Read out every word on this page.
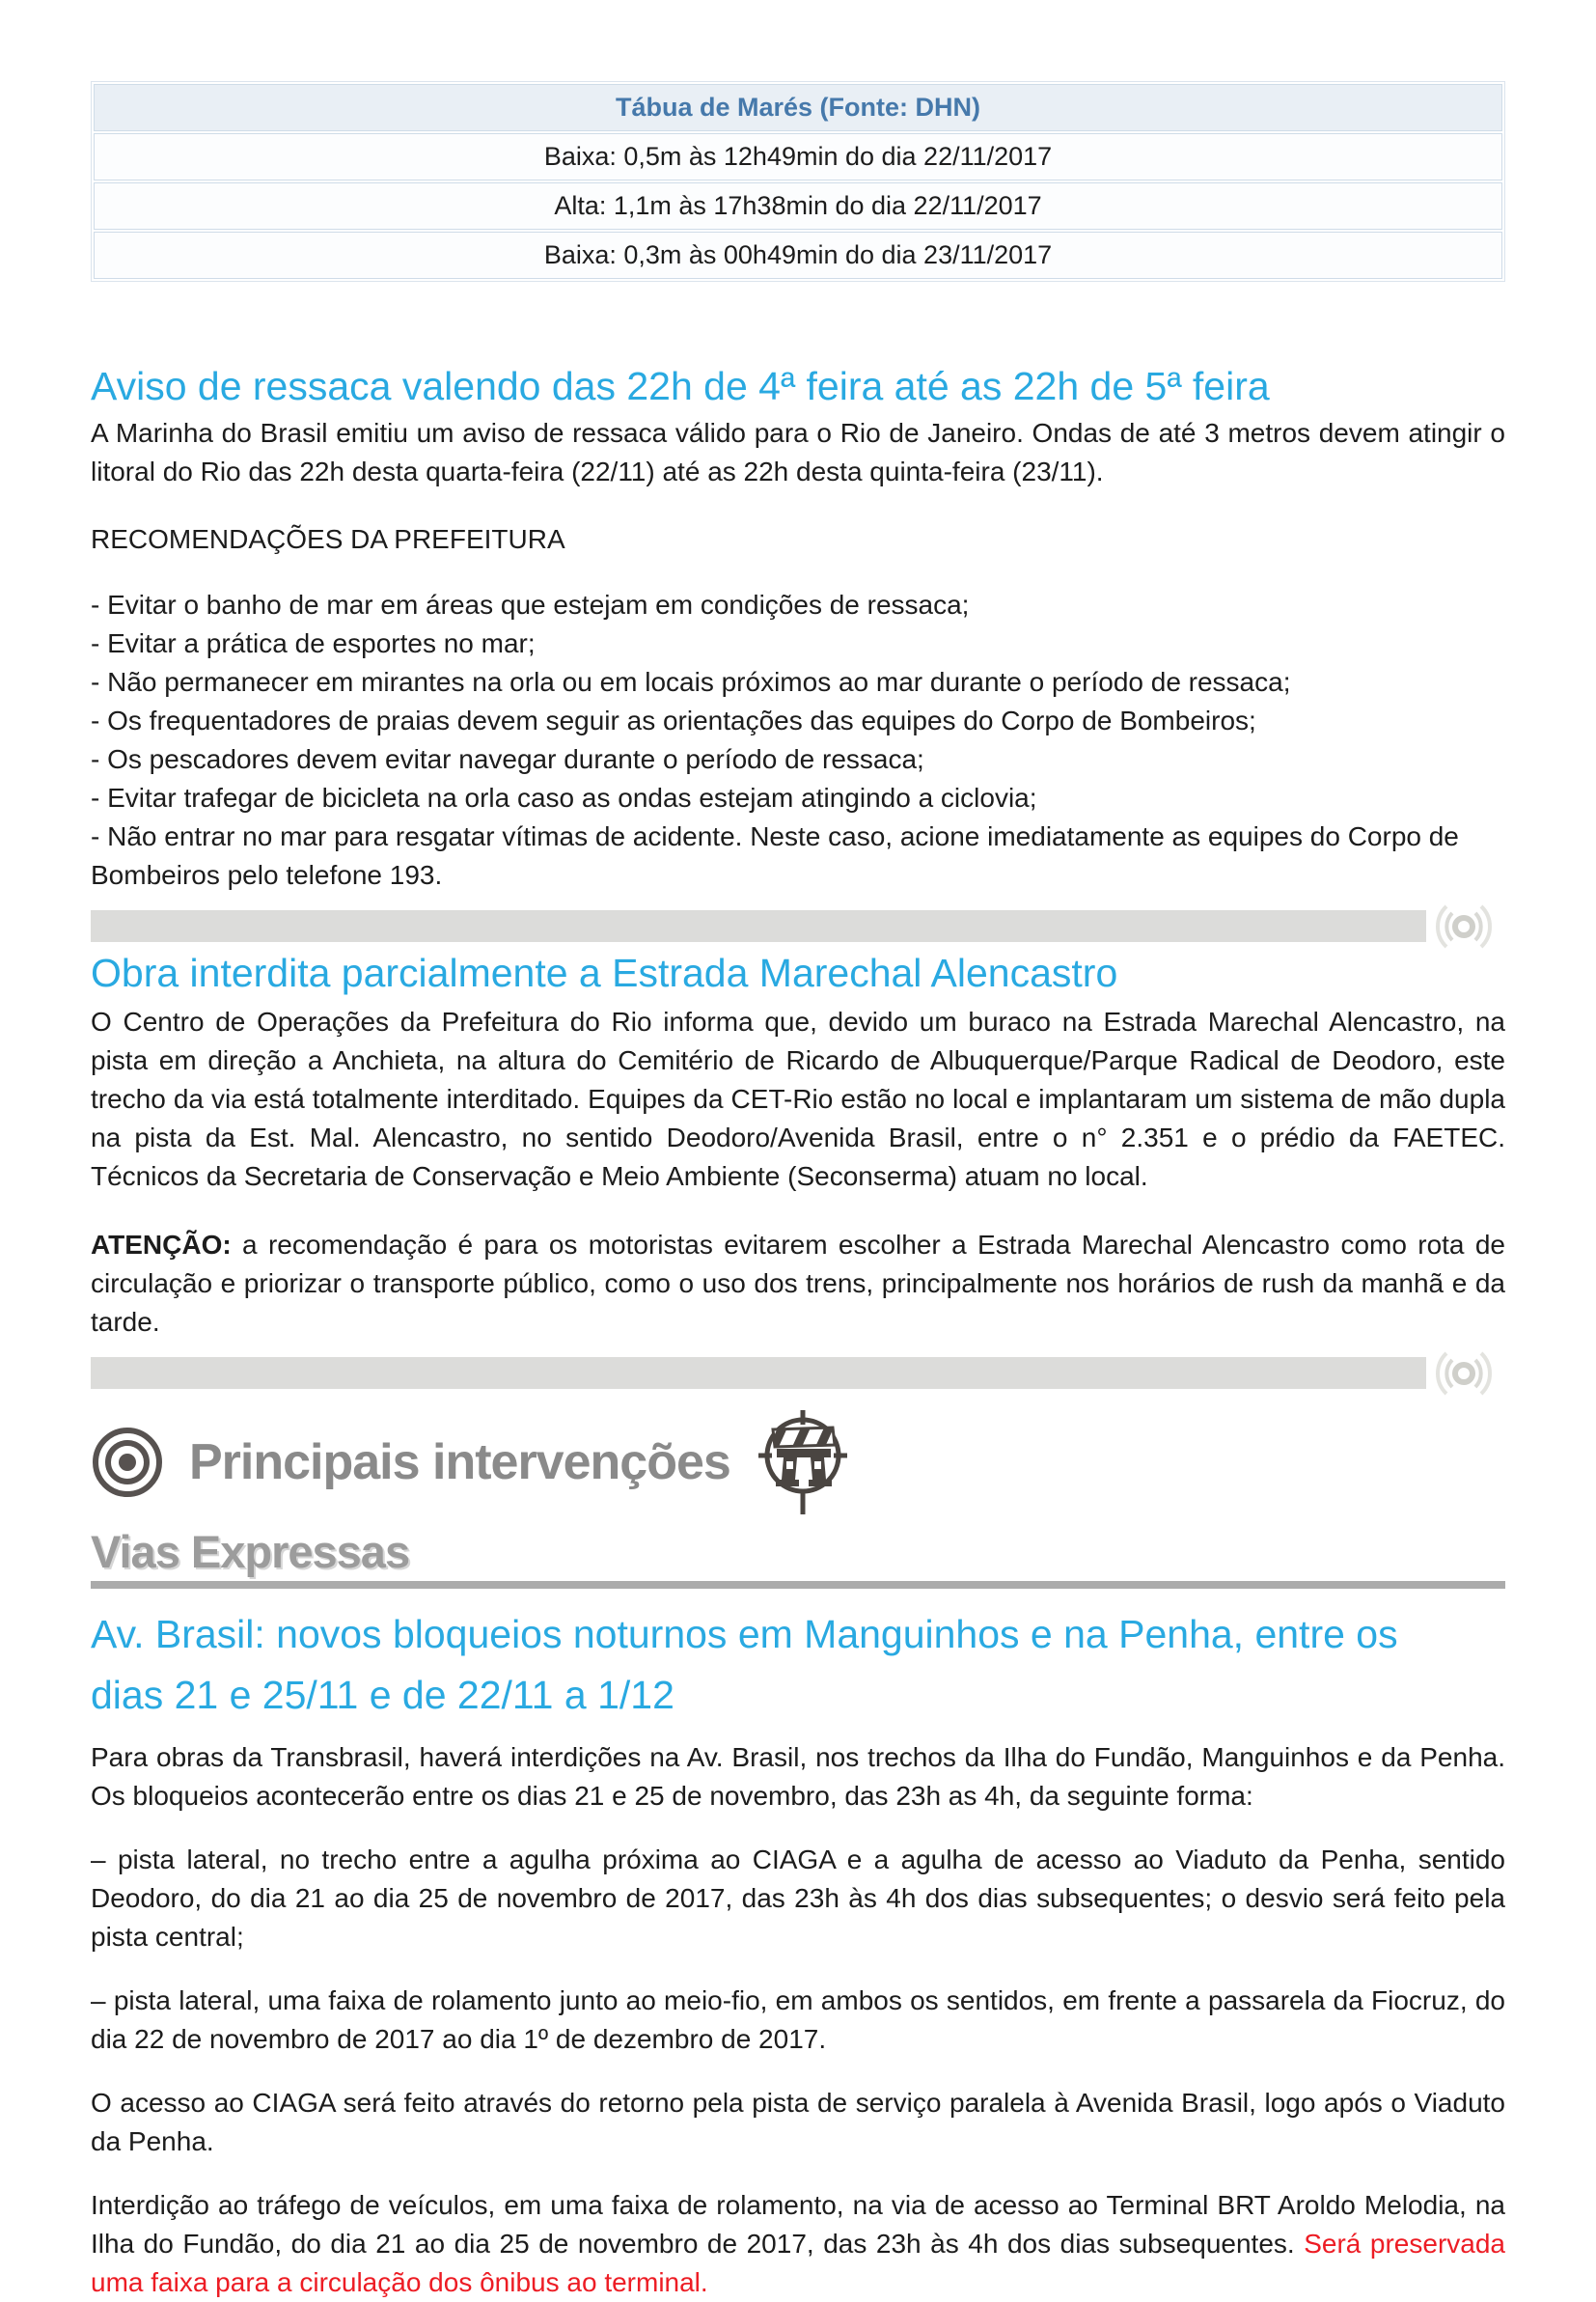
Tábua de Marés (Fonte: DHN)
Baixa: 0,5m às 12h49min do dia 22/11/2017
Alta: 1,1m às 17h38min do dia 22/11/2017
Baixa: 0,3m às 00h49min do dia 23/11/2017
Aviso de ressaca valendo das 22h de 4ª feira até as 22h de 5ª feira

A Marinha do Brasil emitiu um aviso de ressaca válido para o Rio de Janeiro. Ondas de até 3 metros devem atingir o litoral do Rio das 22h desta quarta-feira (22/11) até as 22h desta quinta-feira (23/11).

RECOMENDAÇÕES DA PREFEITURA

- Evitar o banho de mar em áreas que estejam em condições de ressaca;
- Evitar a prática de esportes no mar;
- Não permanecer em mirantes na orla ou em locais próximos ao mar durante o período de ressaca;
- Os frequentadores de praias devem seguir as orientações das equipes do Corpo de Bombeiros;
- Os pescadores devem evitar navegar durante o período de ressaca;
- Evitar trafegar de bicicleta na orla caso as ondas estejam atingindo a ciclovia;
- Não entrar no mar para resgatar vítimas de acidente. Neste caso, acione imediatamente as equipes do Corpo de Bombeiros pelo telefone 193.
Obra interdita parcialmente a Estrada Marechal Alencastro

O Centro de Operações da Prefeitura do Rio informa que, devido um buraco na Estrada Marechal Alencastro, na pista em direção a Anchieta, na altura do Cemitério de Ricardo de Albuquerque/Parque Radical de Deodoro, este trecho da via está totalmente interditado. Equipes da CET-Rio estão no local e implantaram um sistema de mão dupla na pista da Est. Mal. Alencastro, no sentido Deodoro/Avenida Brasil, entre o n° 2.351 e o prédio da FAETEC. Técnicos da Secretaria de Conservação e Meio Ambiente (Seconserma) atuam no local.

ATENÇÃO: a recomendação é para os motoristas evitarem escolher a Estrada Marechal Alencastro como rota de circulação e priorizar o transporte público, como o uso dos trens, principalmente nos horários de rush da manhã e da tarde.

Principais intervenções
Vias Expressas
Av. Brasil: novos bloqueios noturnos em Manguinhos e na Penha, entre os dias 21 e 25/11 e de 22/11 a 1/12

Para obras da Transbrasil, haverá interdições na Av. Brasil, nos trechos da Ilha do Fundão, Manguinhos e da Penha. Os bloqueios acontecerão entre os dias 21 e 25 de novembro, das 23h as 4h, da seguinte forma:

– pista lateral, no trecho entre a agulha próxima ao CIAGA e a agulha de acesso ao Viaduto da Penha, sentido Deodoro, do dia 21 ao dia 25 de novembro de 2017, das 23h às 4h dos dias subsequentes; o desvio será feito pela pista central;

– pista lateral, uma faixa de rolamento junto ao meio-fio, em ambos os sentidos, em frente a passarela da Fiocruz, do dia 22 de novembro de 2017 ao dia 1º de dezembro de 2017.

O acesso ao CIAGA será feito através do retorno pela pista de serviço paralela à Avenida Brasil, logo após o Viaduto da Penha.

Interdição ao tráfego de veículos, em uma faixa de rolamento, na via de acesso ao Terminal BRT Aroldo Melodia, na Ilha do Fundão, do dia 21 ao dia 25 de novembro de 2017, das 23h às 4h dos dias subsequentes. Será preservada uma faixa para a circulação dos ônibus ao terminal.
